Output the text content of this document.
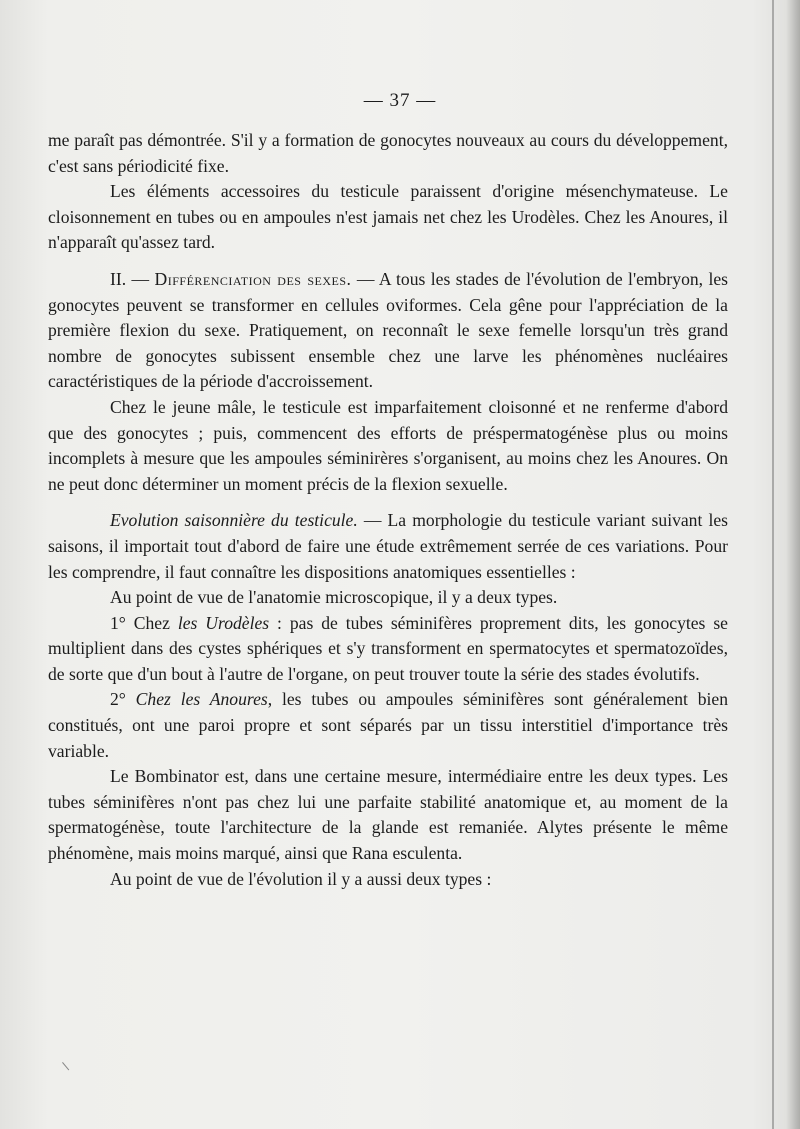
— 37 —

me paraît pas démontrée. S'il y a formation de gonocytes nouveaux au cours du développement, c'est sans périodicité fixe.

Les éléments accessoires du testicule paraissent d'origine mésenchymateuse. Le cloisonnement en tubes ou en ampoules n'est jamais net chez les Urodèles. Chez les Anoures, il n'apparaît qu'assez tard.

II. — Différenciation des sexes. — A tous les stades de l'évolution de l'embryon, les gonocytes peuvent se transformer en cellules oviformes. Cela gêne pour l'appréciation de la première flexion du sexe. Pratiquement, on reconnaît le sexe femelle lorsqu'un très grand nombre de gonocytes subissent ensemble chez une larve les phénomènes nucléaires caractéristiques de la période d'accroissement.

Chez le jeune mâle, le testicule est imparfaitement cloisonné et ne renferme d'abord que des gonocytes ; puis, commencent des efforts de préspermatogénèse plus ou moins incomplets à mesure que les ampoules séminirères s'organisent, au moins chez les Anoures. On ne peut donc déterminer un moment précis de la flexion sexuelle.

Evolution saisonnière du testicule. — La morphologie du testicule variant suivant les saisons, il importait tout d'abord de faire une étude extrêmement serrée de ces variations. Pour les comprendre, il faut connaître les dispositions anatomiques essentielles :

Au point de vue de l'anatomie microscopique, il y a deux types.

1° Chez les Urodèles : pas de tubes séminifères proprement dits, les gonocytes se multiplient dans des cystes sphériques et s'y transforment en spermatocytes et spermatozoïdes, de sorte que d'un bout à l'autre de l'organe, on peut trouver toute la série des stades évolutifs.

2° Chez les Anoures, les tubes ou ampoules séminifères sont généralement bien constitués, ont une paroi propre et sont séparés par un tissu interstitiel d'importance très variable.

Le Bombinator est, dans une certaine mesure, intermédiaire entre les deux types. Les tubes séminifères n'ont pas chez lui une parfaite stabilité anatomique et, au moment de la spermatogénèse, toute l'architecture de la glande est remaniée. Alytes présente le même phénomène, mais moins marqué, ainsi que Rana esculenta.

Au point de vue de l'évolution il y a aussi deux types :
